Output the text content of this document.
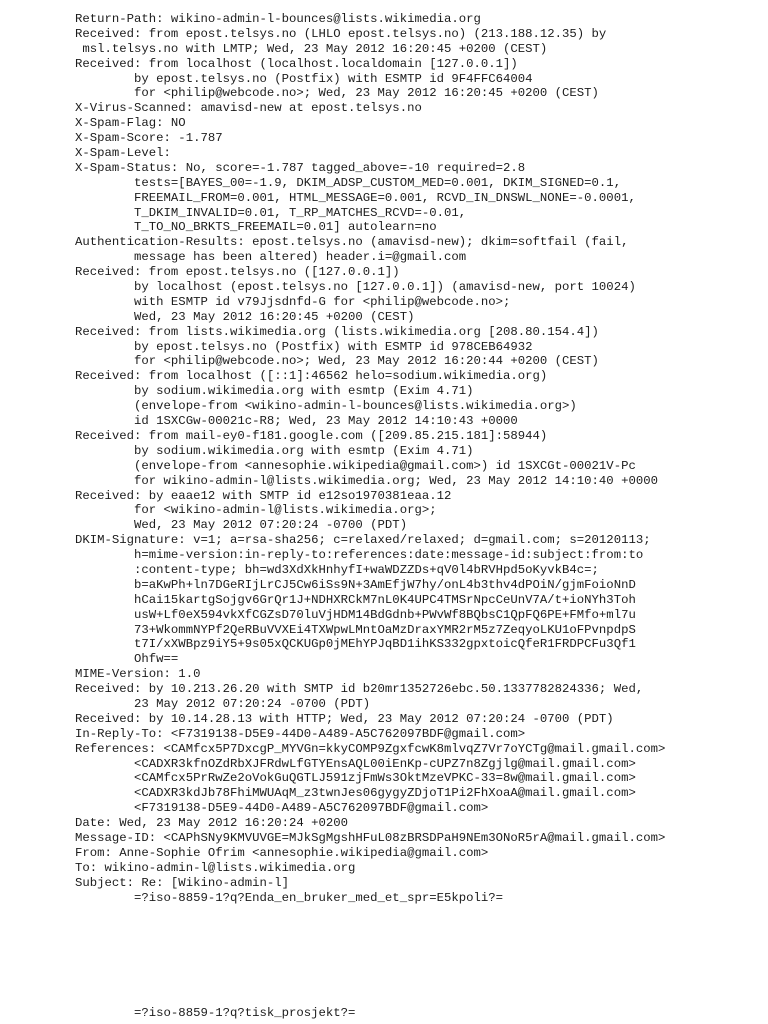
Return-Path: wikino-admin-l-bounces@lists.wikimedia.org
Received: from epost.telsys.no (LHLO epost.telsys.no) (213.188.12.35) by
msl.telsys.no with LMTP; Wed, 23 May 2012 16:20:45 +0200 (CEST)
Received: from localhost (localhost.localdomain [127.0.0.1])
by epost.telsys.no (Postfix) with ESMTP id 9F4FFC64004
for <philip@webcode.no>; Wed, 23 May 2012 16:20:45 +0200 (CEST)
X-Virus-Scanned: amavisd-new at epost.telsys.no
X-Spam-Flag: NO
X-Spam-Score: -1.787
X-Spam-Level:
X-Spam-Status: No, score=-1.787 tagged_above=-10 required=2.8
tests=[BAYES_00=-1.9, DKIM_ADSP_CUSTOM_MED=0.001, DKIM_SIGNED=0.1,
FREEMAIL_FROM=0.001, HTML_MESSAGE=0.001, RCVD_IN_DNSWL_NONE=-0.0001,
T_DKIM_INVALID=0.01, T_RP_MATCHES_RCVD=-0.01,
T_TO_NO_BRKTS_FREEMAIL=0.01] autolearn=no
Authentication-Results: epost.telsys.no (amavisd-new); dkim=softfail (fail,
message has been altered) header.i=@gmail.com
Received: from epost.telsys.no ([127.0.0.1])
by localhost (epost.telsys.no [127.0.0.1]) (amavisd-new, port 10024)
with ESMTP id v79Jjsdnfd-G for <philip@webcode.no>;
Wed, 23 May 2012 16:20:45 +0200 (CEST)
Received: from lists.wikimedia.org (lists.wikimedia.org [208.80.154.4])
by epost.telsys.no (Postfix) with ESMTP id 978CEB64932
for <philip@webcode.no>; Wed, 23 May 2012 16:20:44 +0200 (CEST)
Received: from localhost ([::1]:46562 helo=sodium.wikimedia.org)
by sodium.wikimedia.org with esmtp (Exim 4.71)
(envelope-from <wikino-admin-l-bounces@lists.wikimedia.org>)
id 1SXCGw-00021c-R8; Wed, 23 May 2012 14:10:43 +0000
Received: from mail-ey0-f181.google.com ([209.85.215.181]:58944)
by sodium.wikimedia.org with esmtp (Exim 4.71)
(envelope-from <annesophie.wikipedia@gmail.com>) id 1SXCGt-00021V-Pc
for wikino-admin-l@lists.wikimedia.org; Wed, 23 May 2012 14:10:40 +0000
Received: by eaae12 with SMTP id e12so1970381eaa.12
for <wikino-admin-l@lists.wikimedia.org>;
Wed, 23 May 2012 07:20:24 -0700 (PDT)
DKIM-Signature: v=1; a=rsa-sha256; c=relaxed/relaxed; d=gmail.com; s=20120113;
h=mime-version:in-reply-to:references:date:message-id:subject:from:to
:content-type; bh=wd3XdXkHnhyfI+waWDZZDs+qV0l4bRVHpd5oKyvkB4c=;
b=aKwPh+ln7DGeRIjLrCJ5Cw6iSs9N+3AmEfjW7hy/onL4b3thv4dPOiN/gjmFoioNnD
hCai15kartgSojgv6GrQr1J+NDHXRCkM7nL0K4UPC4TMSrNpcCeUnV7A/t+ioNYh3Toh
usW+Lf0eX594vkXfCGZsD70luVjHDM14BdGdnb+PWvWf8BQbsC1QpFQ6PE+FMfo+ml7u
73+WkommNYPf2QeRBuVVXEi4TXWpwLMntOaMzDraxYMR2rM5z7ZeqyoLKU1oFPvnpdpS
t7I/xXWBpz9iY5+9s05xQCKUGp0jMEhYPJqBD1ihKS332gpxtoicQfeR1FRDPCFu3Qf1
Ohfw==
MIME-Version: 1.0
Received: by 10.213.26.20 with SMTP id b20mr1352726ebc.50.1337782824336; Wed,
23 May 2012 07:20:24 -0700 (PDT)
Received: by 10.14.28.13 with HTTP; Wed, 23 May 2012 07:20:24 -0700 (PDT)
In-Reply-To: <F7319138-D5E9-44D0-A489-A5C762097BDF@gmail.com>
References: <CAMfcx5P7DxcgP_MYVGn=kkyCOMP9ZgxfcwK8mlvqZ7Vr7oYCTg@mail.gmail.com>
<CADXR3kfnOZdRbXJFRdwLfGTYEnsAQL00iEnKp-cUPZ7n8Zgjlg@mail.gmail.com>
<CAMfcx5PrRwZe2oVokGuQGTLJ591zjFmWs3OktMzeVPKC-33=8w@mail.gmail.com>
<CADXR3kdJb78FhiMWUAqM_z3twnJes06gygyZDjoT1Pi2FhXoaA@mail.gmail.com>
<F7319138-D5E9-44D0-A489-A5C762097BDF@gmail.com>
Date: Wed, 23 May 2012 16:20:24 +0200
Message-ID: <CAPhSNy9KMVUVGE=MJkSgMgshHFuL08zBRSDPaH9NEm3ONoR5rA@mail.gmail.com>
From: Anne-Sophie Ofrim <annesophie.wikipedia@gmail.com>
To: wikino-admin-l@lists.wikimedia.org
Subject: Re: [Wikino-admin-l]
=?iso-8859-1?q?Enda_en_bruker_med_et_spr=E5kpoli?=
=?iso-8859-1?q?tisk_prosjekt?=
